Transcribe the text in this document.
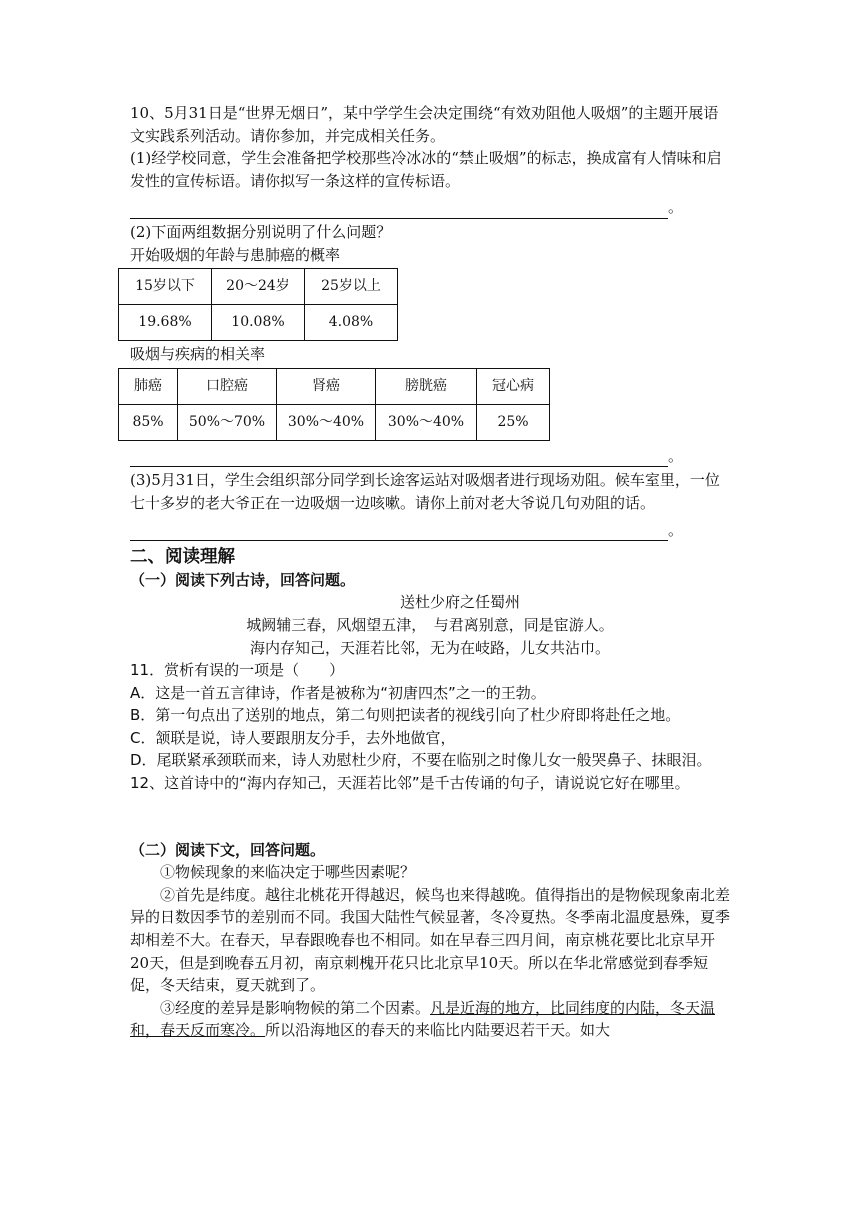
10、5月31日是“世界无烟日”，某中学学生会决定围绕“有效劝阻他人吸烟”的主题开展语文实践系列活动。请你参加，并完成相关任务。

(1)经学校同意，学生会准备把学校那些冷冰冰的“禁止吸烟”的标志，换成富有人情味和启发性的宣传标语。请你拟写一条这样的宣传标语。

。

(2)下面两组数据分别说明了什么问题？

开始吸烟的年龄与患肺癌的概率

15岁以下	20～24岁	25岁以上
19.68%	10.08%	4.08%

吸烟与疾病的相关率

肺癌	口腔癌	肾癌	膀胱癌	冠心病
85%	50%～70%	30%～40%	30%～40%	25%
。

(3)5月31日，学生会组织部分同学到长途客运站对吸烟者进行现场劝阻。候车室里，一位七十多岁的老大爷正在一边吸烟一边咳嗽。请你上前对老大爷说几句劝阻的话。

。
二、阅读理解

（一）阅读下列古诗，回答问题。

送杜少府之任蜀州

城阙辅三春，风烟望五津，　与君离别意，同是宦游人。

海内存知己，天涯若比邻，无为在岐路，儿女共沾巾。

11．赏析有误的一项是（　　）

A．这是一首五言律诗，作者是被称为“初唐四杰”之一的王勃。

B．第一句点出了送别的地点，第二句则把读者的视线引向了杜少府即将赴任之地。

C．颔联是说，诗人要跟朋友分手，去外地做官，

D．尾联紧承颈联而来，诗人劝慰杜少府，不要在临别之时像儿女一般哭鼻子、抹眼泪。

12、这首诗中的“海内存知己，天涯若比邻”是千古传诵的句子，请说说它好在哪里。

（二）阅读下文，回答问题。

①物候现象的来临决定于哪些因素呢？

②首先是纬度。越往北桃花开得越迟，候鸟也来得越晚。值得指出的是物候现象南北差异的日数因季节的差别而不同。我国大陆性气候显著，冬冷夏热。冬季南北温度悬殊，夏季却相差不大。在春天，早春跟晚春也不相同。如在早春三四月间，南京桃花要比北京早开20天，但是到晚春五月初，南京刺槐开花只比北京早10天。所以在华北常感觉到春季短促，冬天结束，夏天就到了。

③经度的差异是影响物候的第二个因素。凡是近海的地方，比同纬度的内陆，冬天温和，春天反而寒冷。所以沿海地区的春天的来临比内陆要迟若干天。如大
